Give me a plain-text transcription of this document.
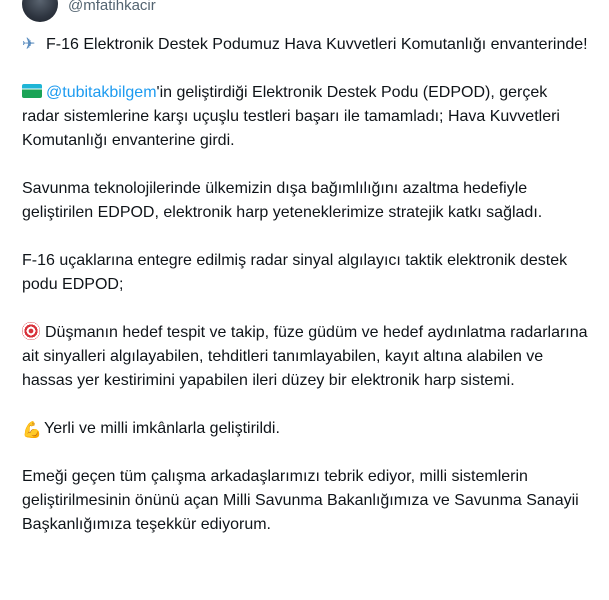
@mfatihkacir

✈ F-16 Elektronik Destek Podumuz Hava Kuvvetleri Komutanlığı envanterinde!

@tubitakbilgem'in geliştirdiği Elektronik Destek Podu (EDPOD), gerçek radar sistemlerine karşı uçuşlu testleri başarı ile tamamladı; Hava Kuvvetleri Komutanlığı envanterine girdi.

Savunma teknolojilerinde ülkemizin dışa bağımlılığını azaltma hedefiyle geliştirilen EDPOD, elektronik harp yeteneklerimize stratejik katkı sağladı.

F-16 uçaklarına entegre edilmiş radar sinyal algılayıcı taktik elektronik destek podu EDPOD;

Düşmanın hedef tespit ve takip, füze güdüm ve hedef aydınlatma radarlarına ait sinyalleri algılayabilen, tehditleri tanımlayabilen, kayıt altına alabilen ve hassas yer kestirimini yapabilen ileri düzey bir elektronik harp sistemi.

💪 Yerli ve milli imkânlarla geliştirildi.

Emeği geçen tüm çalışma arkadaşlarımızı tebrik ediyor, milli sistemlerin geliştirilmesinin önünü açan Milli Savunma Bakanlığımıza ve Savunma Sanayii Başkanlığımıza teşekkür ediyorum.
